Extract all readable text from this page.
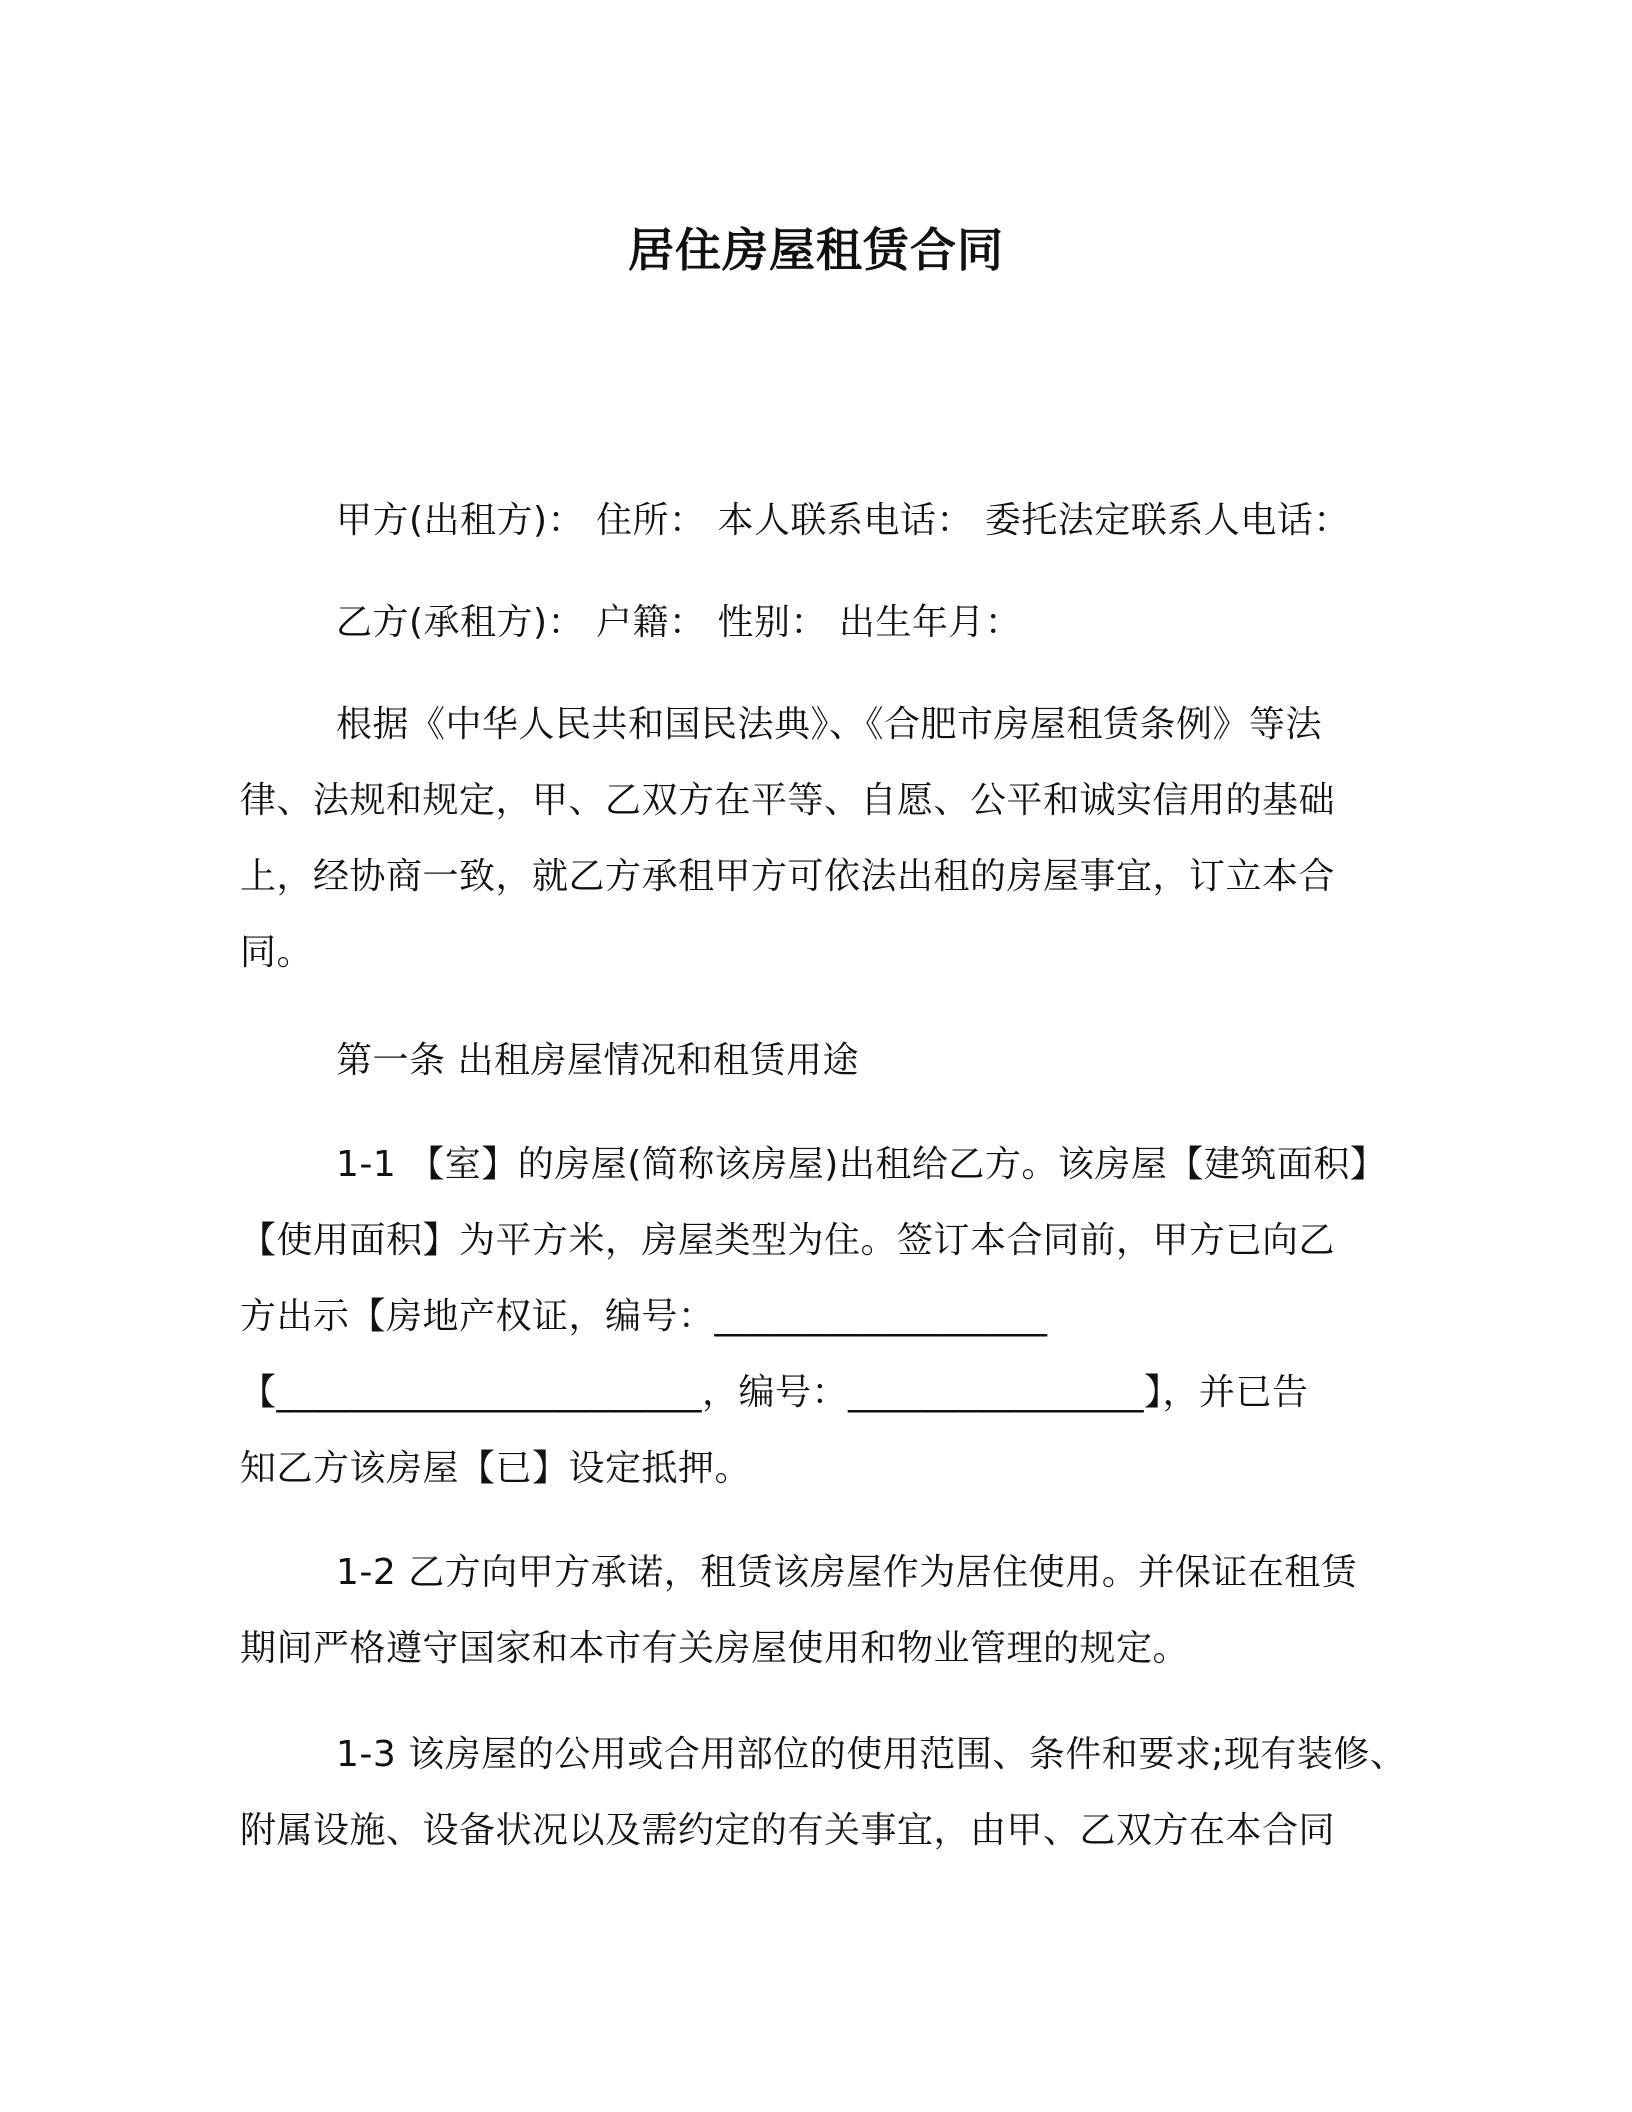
居住房屋租赁合同
甲方(出租方)： 住所： 本人联系电话： 委托法定联系人电话：
乙方(承租方)： 户籍： 性别： 出生年月：
根据《中华人民共和国民法典》、《合肥市房屋租赁条例》等法
律、法规和规定，甲、乙双方在平等、自愿、公平和诚实信用的基础
上，经协商一致，就乙方承租甲方可依法出租的房屋事宜，订立本合
同。
第一条 出租房屋情况和租赁用途
1-1 【室】的房屋(简称该房屋)出租给乙方。该房屋【建筑面积】
【使用面积】为平方米，房屋类型为住。签订本合同前，甲方已向乙
方出示【房地产权证，编号：__________________
【_______________________，编号：________________】，并已告
知乙方该房屋【已】设定抵押。
1-2 乙方向甲方承诺，租赁该房屋作为居住使用。并保证在租赁
期间严格遵守国家和本市有关房屋使用和物业管理的规定。
1-3 该房屋的公用或合用部位的使用范围、条件和要求;现有装修、
附属设施、设备状况以及需约定的有关事宜，由甲、乙双方在本合同
